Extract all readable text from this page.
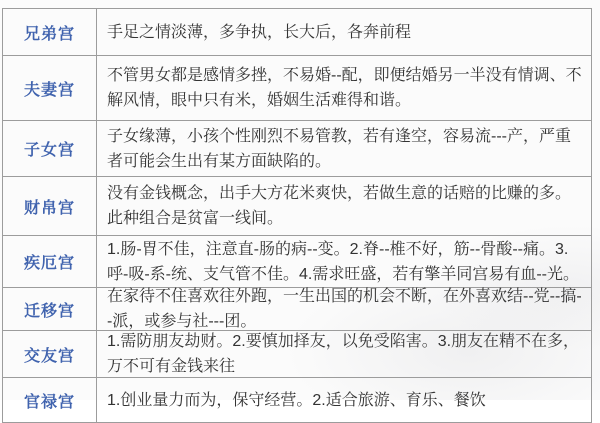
兄弟宫	手足之情淡薄，多争执，长大后，各奔前程
夫妻宫
不管男女都是感情多挫，不易婚--配，即便结婚另一半没有情调、不解风情，眼中只有米，婚姻生活难得和谐。
子女宫
子女缘薄，小孩个性刚烈不易管教，若有逢空，容易流---产，严重者可能会生出有某方面缺陷的。
财帛宫
没有金钱概念，出手大方花米爽快，若做生意的话赔的比赚的多。此种组合是贫富一线间。
疾厄宫
1.肠-胃不佳，注意直-肠的病--变。2.脊--椎不好，筋--骨酸--痛。3.呼-吸-系-统、支气管不佳。4.需求旺盛，若有擎羊同宫易有血--光。
迁移宫
在家待不住喜欢往外跑，一生出国的机会不断，在外喜欢结--党--搞--派，或参与社---团。
交友宫
1.需防朋友劫财。2.要慎加择友，以免受陷害。3.朋友在精不在多，万不可有金钱来往
官禄宫	1.创业量力而为，保守经营。2.适合旅游、育乐、餐饮
